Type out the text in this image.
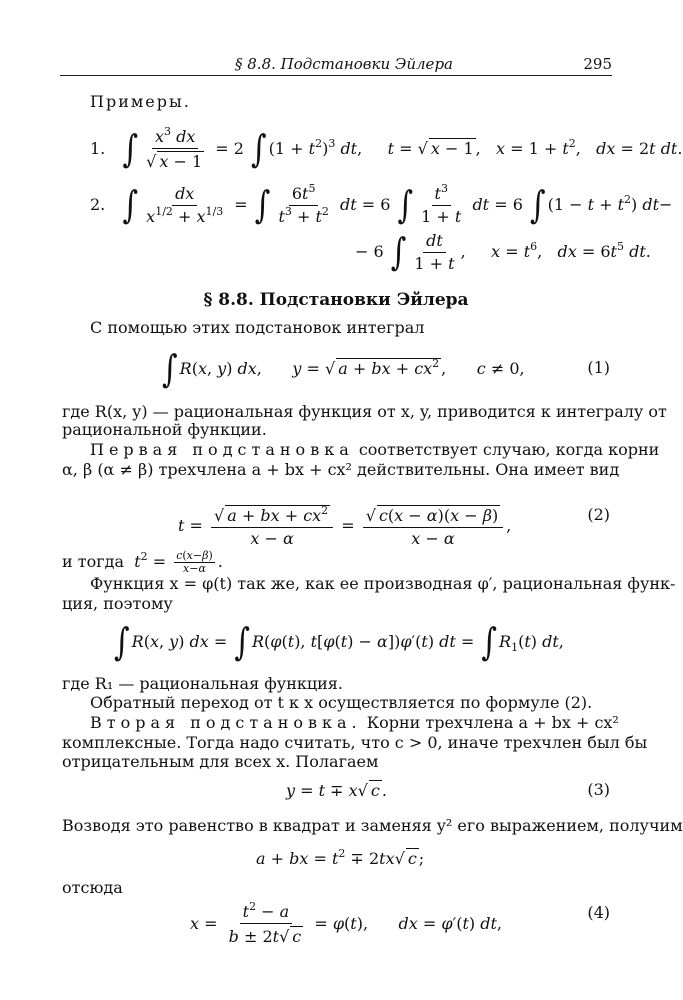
§ 8.8. Подстановки Эйлера	295
Примеры.
1. ∫ $\frac{x^3 dx}{√ x - 1} = 2$ ∫ $(1 + t^2)^3$ dt,     t = √ x − 1 ,   $x = 1 + t^2$,   dx = 2t dt.
2. ∫ $\frac{dx}{x^{1/2} + x^{1/3}}$ = ∫ $\frac{6t^5}{t^3 + t^2}$ dt = 6 ∫ $\frac{t^3}{1 + t}$ dt = 6 ∫ $(1 - t + t^2)$ dt−
− 6 ∫ $\frac{dt}{1 + t}$ ,     $x = t^6$,   dx = $6t^5$ dt.
§ 8.8. Подстановки Эйлера
С помощью этих подстановок интеграл
∫ R(x, y) dx,      y = √ a + bx + $cx^2$ ,      c ≠ 0,	(1)
где R(x, y) — рациональная функция от x, y, приводится к интегралу от
рациональной функции.
Первая подстановка соответствует случаю, когда корни
α, β (α ≠ β) трехчлена a + bx + cx² действительны. Она имеет вид
$t = \frac{√ a + bx + cx^2}{x - \alpha} = \frac{√ c(x - \alpha)(x - \beta)}{x - \alpha}$ ,
(2)
и тогда $t^2 = \frac{c(x-\beta)}{x-\alpha}$ .
Функция x = φ(t) так же, как ее производная φ′, рациональная функ-
ция, поэтому
∫ R(x, y) dx = ∫ R(φ(t), t[φ(t) − α])φ′(t) dt = ∫ $R_1(t)$ dt,
где R₁ — рациональная функция.
Обратный переход от t к x осуществляется по формуле (2).
Вторая подстановка. Корни трехчлена a + bx + cx²
комплексные. Тогда надо считать, что c > 0, иначе трехчлен был бы
отрицательным для всех x. Полагаем
y = t ∓ x√ c .	(3)
Возводя это равенство в квадрат и заменяя y² его выражением, получим
a + bx = $t^2 \mp 2tx√$ c ;
отсюда
$x = \frac{t^2 - a}{b \pm 2t√ c} = \varphi(t)$,      dx = φ′(t) dt,
(4)
